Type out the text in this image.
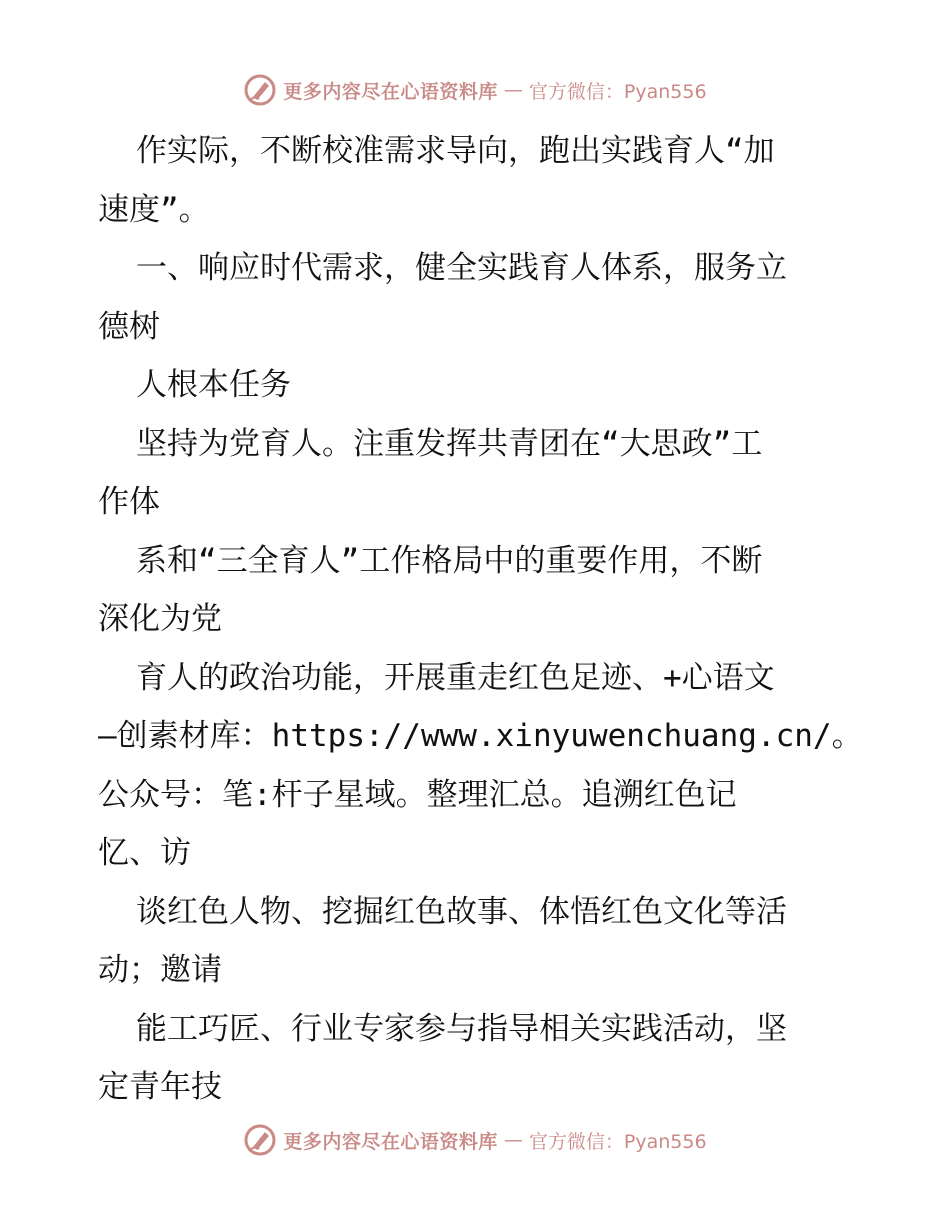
更多内容尽在心语资料库 — 官方微信：Pyan556
作实际，不断校准需求导向，跑出实践育人“加
速度”。
一、响应时代需求，健全实践育人体系，服务立
德树
人根本任务
坚持为党育人。注重发挥共青团在“大思政”工
作体
系和“三全育人”工作格局中的重要作用，不断
深化为党
育人的政治功能，开展重走红色足迹、+心语文
—创素材库：https://www.xinyuwenchuang.cn/。
公众号：笔:杆子星域。整理汇总。追溯红色记
忆、访
谈红色人物、挖掘红色故事、体悟红色文化等活
动；邀请
能工巧匠、行业专家参与指导相关实践活动，坚
定青年技
更多内容尽在心语资料库 — 官方微信：Pyan556
